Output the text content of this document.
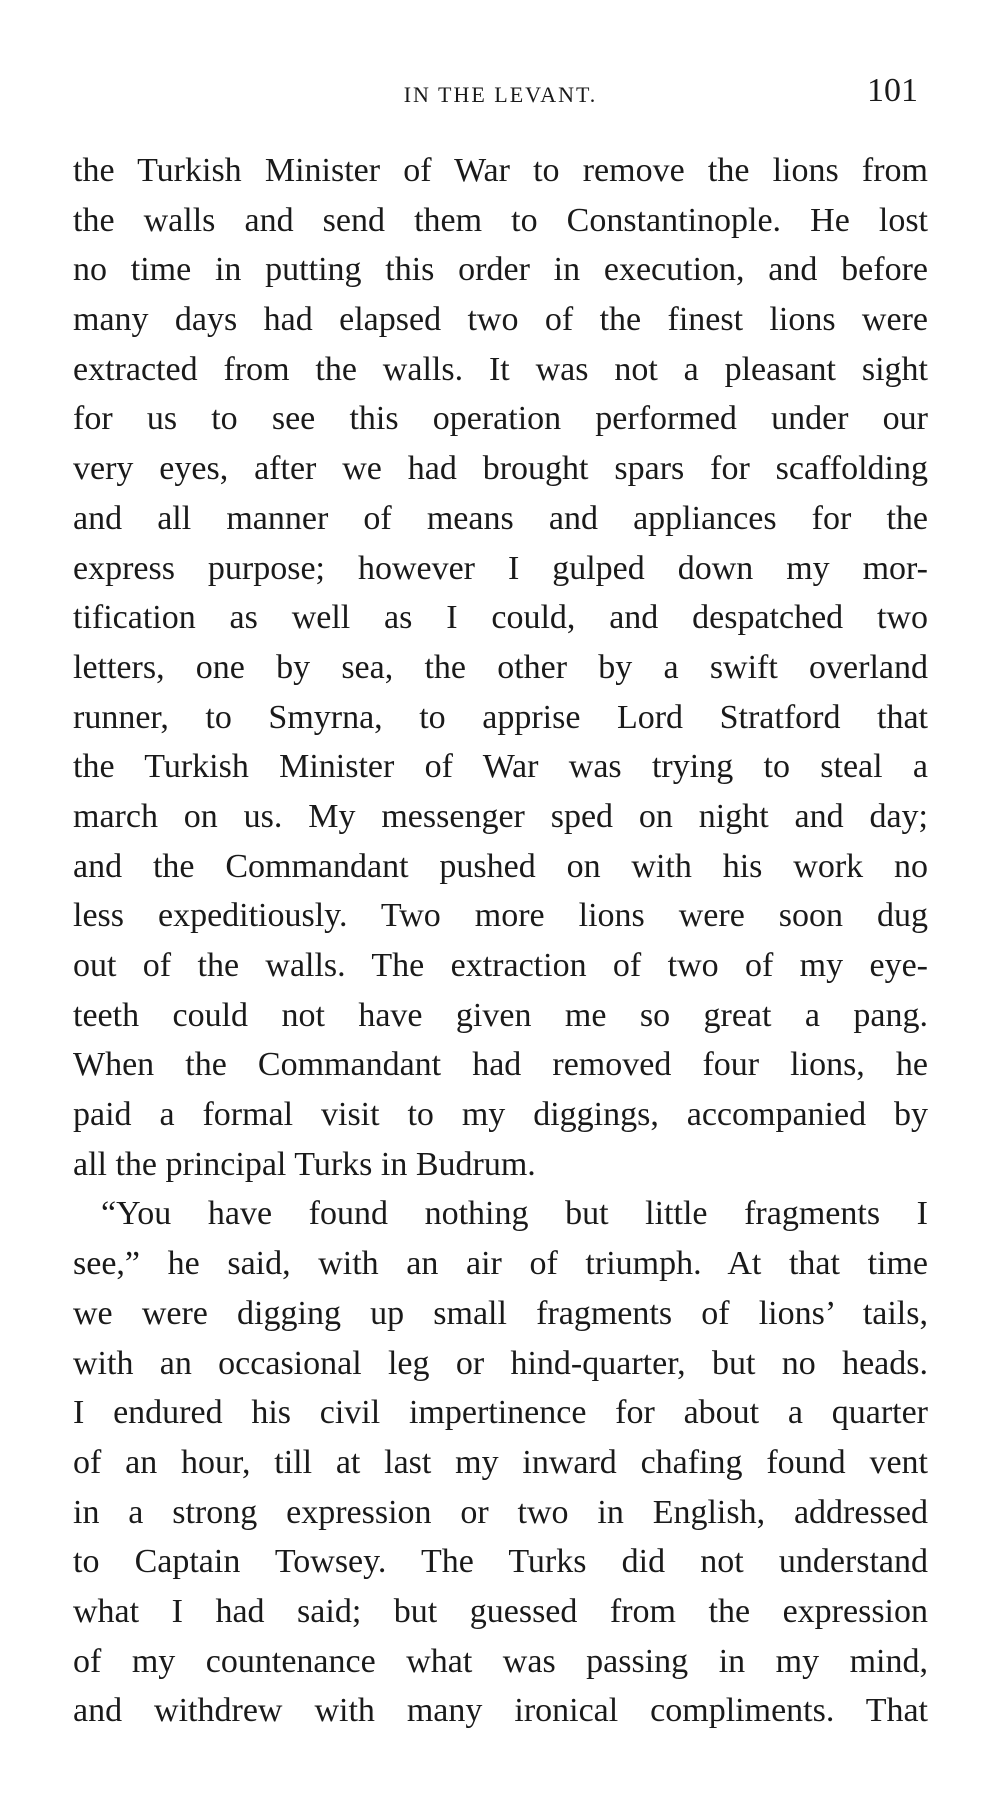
IN THE LEVANT.	101
the Turkish Minister of War to remove the lions from
the walls and send them to Constantinople. He lost
no time in putting this order in execution, and before
many days had elapsed two of the finest lions were
extracted from the walls. It was not a pleasant sight
for us to see this operation performed under our
very eyes, after we had brought spars for scaffolding
and all manner of means and appliances for the
express purpose; however I gulped down my mor-
tification as well as I could, and despatched two
letters, one by sea, the other by a swift overland
runner, to Smyrna, to apprise Lord Stratford that
the Turkish Minister of War was trying to steal a
march on us. My messenger sped on night and day;
and the Commandant pushed on with his work no
less expeditiously. Two more lions were soon dug
out of the walls. The extraction of two of my eye-
teeth could not have given me so great a pang.
When the Commandant had removed four lions, he
paid a formal visit to my diggings, accompanied by
all the principal Turks in Budrum.
“You have found nothing but little fragments I
see,” he said, with an air of triumph. At that time
we were digging up small fragments of lions’ tails,
with an occasional leg or hind-quarter, but no heads.
I endured his civil impertinence for about a quarter
of an hour, till at last my inward chafing found vent
in a strong expression or two in English, addressed
to Captain Towsey. The Turks did not understand
what I had said; but guessed from the expression
of my countenance what was passing in my mind,
and withdrew with many ironical compliments. That
